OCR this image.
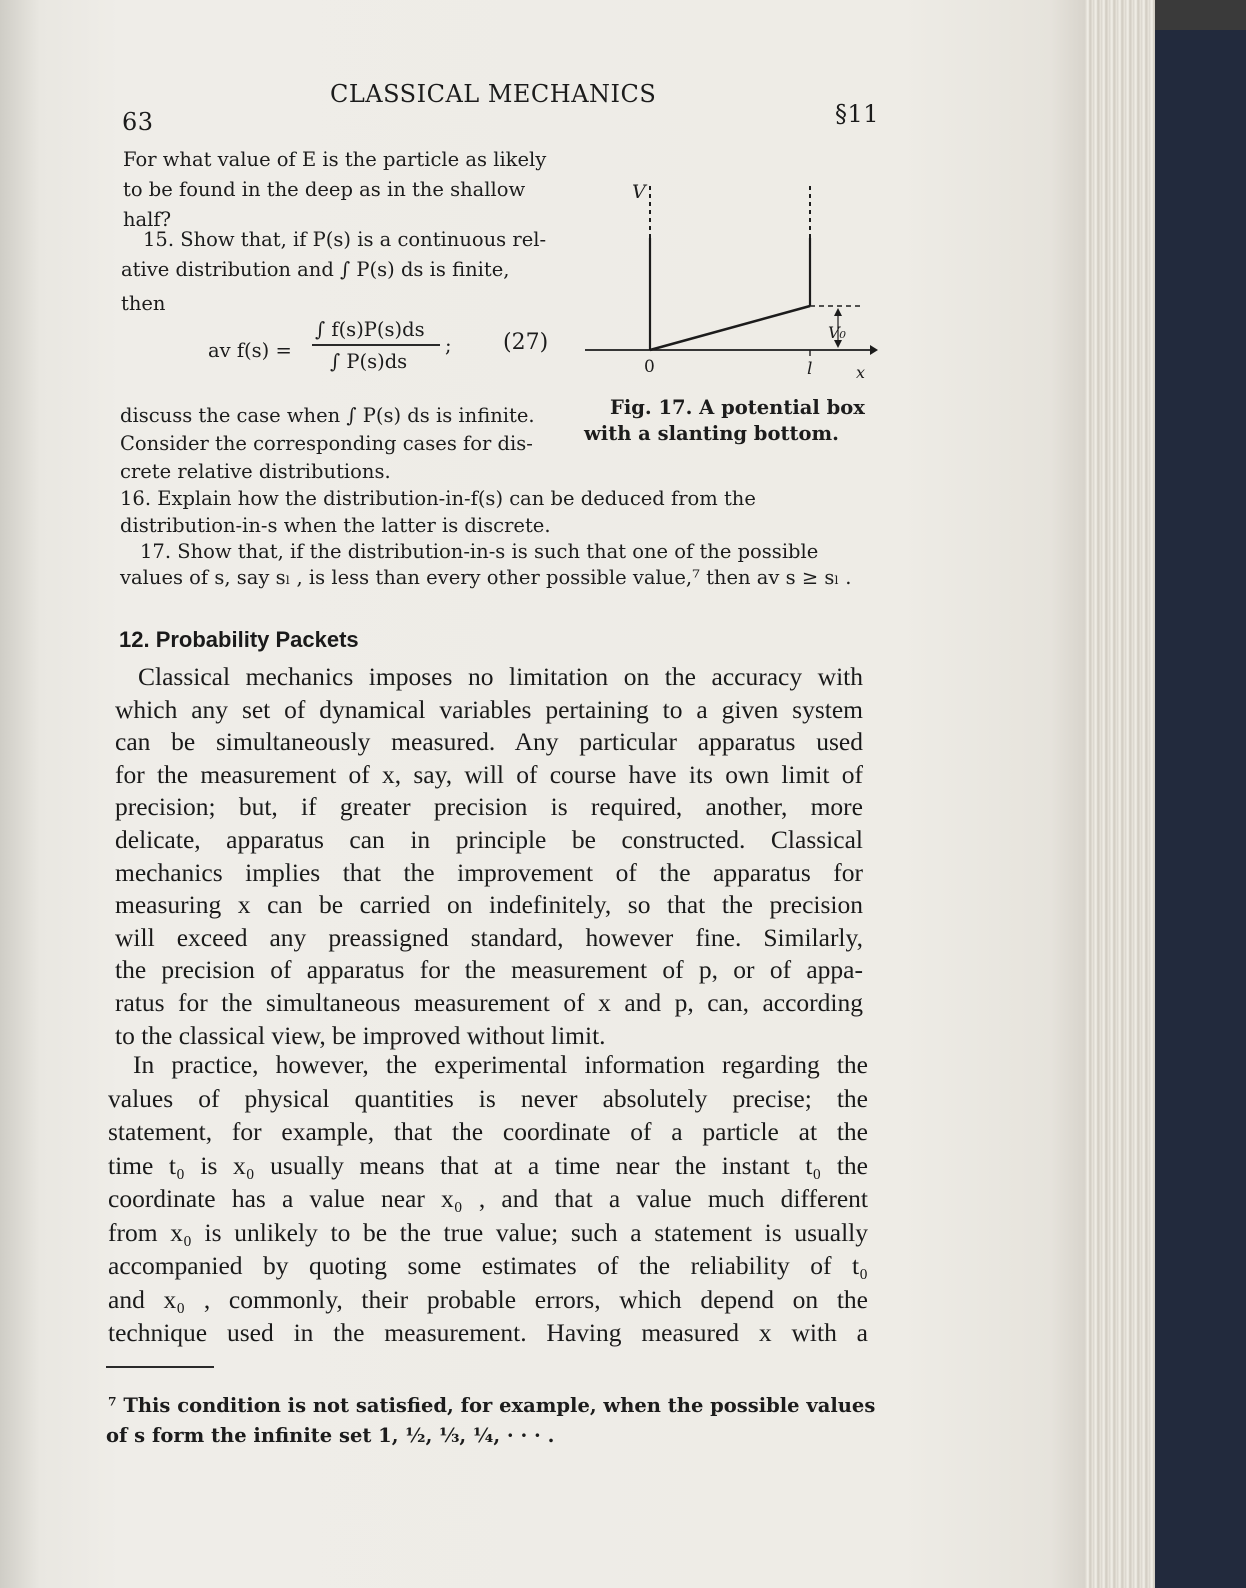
63
CLASSICAL MECHANICS
§11
For what value of E is the particle as likely
to be found in the deep as in the shallow
half?
15. Show that, if P(s) is a continuous rel-
ative distribution and ∫ P(s) ds is finite,
then
av f(s) =
∫ f(s)P(s)ds
∫ P(s)ds
; (27)
discuss the case when ∫ P(s) ds is infinite.
Consider the corresponding cases for dis-
crete relative distributions.
V
V₀
0	l	x
Fig. 17. A potential box
with a slanting bottom.
16. Explain how the distribution-in-f(s) can be deduced from the
distribution-in-s when the latter is discrete.
17. Show that, if the distribution-in-s is such that one of the possible
values of s, say sₗ , is less than every other possible value,⁷ then av s ≥ sₗ .
12. Probability Packets
Classical mechanics imposes no limitation on the accuracy with
which any set of dynamical variables pertaining to a given system
can be simultaneously measured. Any particular apparatus used
for the measurement of x, say, will of course have its own limit of
precision; but, if greater precision is required, another, more
delicate, apparatus can in principle be constructed. Classical
mechanics implies that the improvement of the apparatus for
measuring x can be carried on indefinitely, so that the precision
will exceed any preassigned standard, however fine. Similarly,
the precision of apparatus for the measurement of p, or of appa-
ratus for the simultaneous measurement of x and p, can, according
to the classical view, be improved without limit.
In practice, however, the experimental information regarding the
values of physical quantities is never absolutely precise; the
statement, for example, that the coordinate of a particle at the
time t₀ is x₀ usually means that at a time near the instant t₀ the
coordinate has a value near x₀ , and that a value much different
from x₀ is unlikely to be the true value; such a statement is usually
accompanied by quoting some estimates of the reliability of t₀
and x₀ , commonly, their probable errors, which depend on the
technique used in the measurement. Having measured x with a
⁷ This condition is not satisfied, for example, when the possible values
of s form the infinite set 1, ½, ⅓, ¼, · · · .
